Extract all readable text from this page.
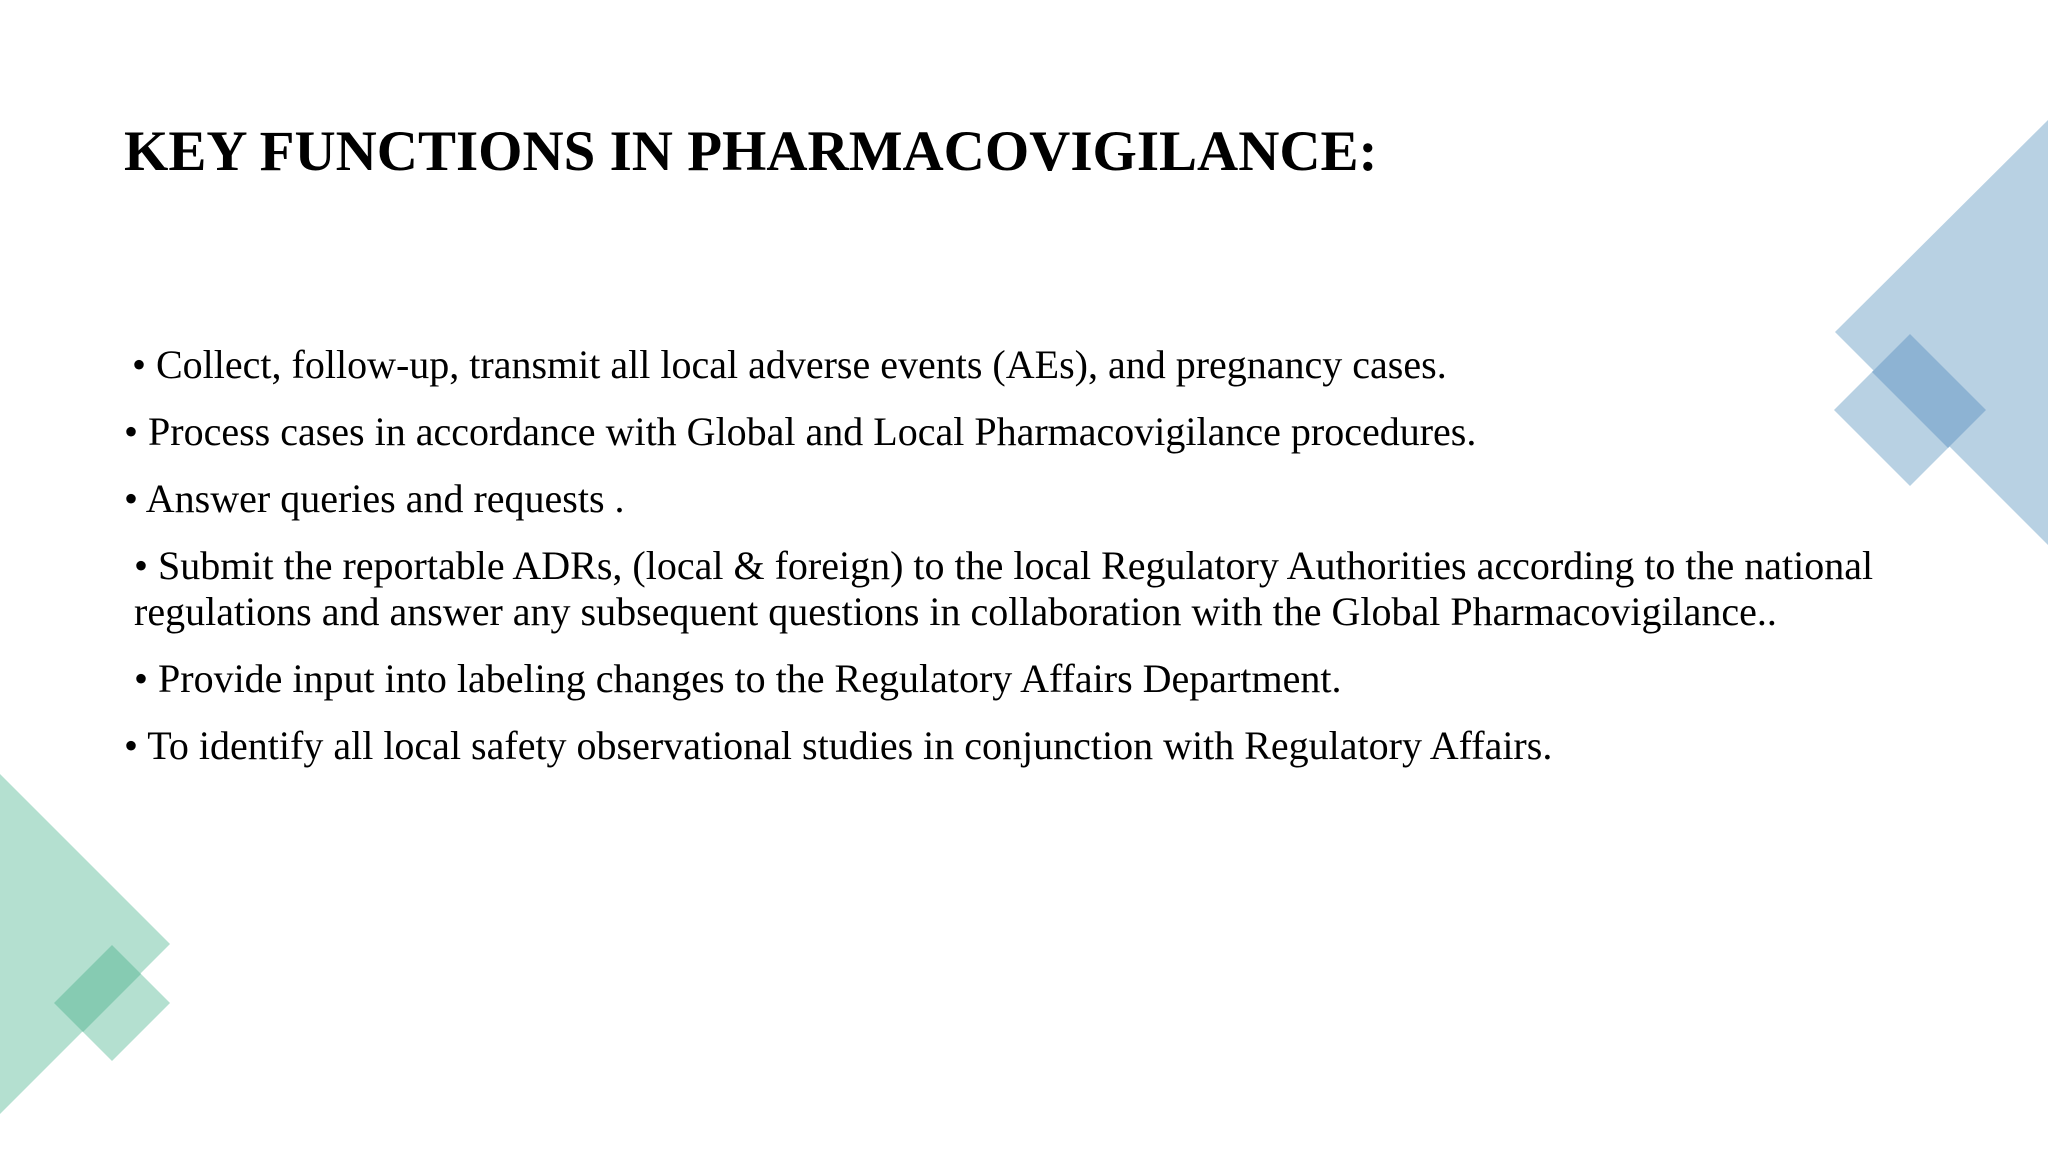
KEY FUNCTIONS IN PHARMACOVIGILANCE:
• Collect, follow-up, transmit all local adverse events (AEs), and pregnancy cases.
• Process cases in accordance with Global and Local Pharmacovigilance procedures.
• Answer queries and requests .
• Submit the reportable ADRs, (local & foreign) to the local Regulatory Authorities according to the national regulations and answer any subsequent questions in collaboration with the Global Pharmacovigilance..
• Provide input into labeling changes to the Regulatory Affairs Department.
• To identify all local safety observational studies in conjunction with Regulatory Affairs.
